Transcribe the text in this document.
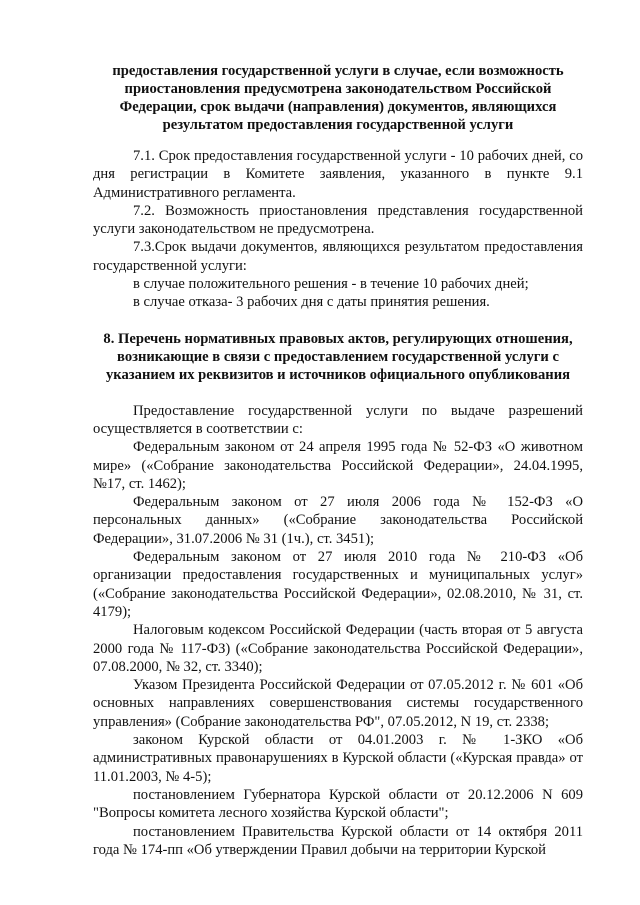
предоставления государственной услуги в случае, если возможность
приостановления предусмотрена законодательством Российской
Федерации, срок выдачи (направления) документов, являющихся
результатом предоставления государственной услуги

7.1. Срок предоставления государственной услуги - 10 рабочих дней, со дня регистрации в Комитете заявления, указанного в пункте 9.1 Административного регламента.

7.2. Возможность приостановления представления государственной услуги законодательством не предусмотрена.

7.3.Срок выдачи документов, являющихся результатом предоставления государственной услуги:

в случае положительного решения - в течение 10 рабочих дней;

в случае отказа- 3 рабочих дня с даты принятия решения.

8. Перечень нормативных правовых актов, регулирующих отношения,
возникающие в связи с предоставлением государственной услуги с
указанием их реквизитов и источников официального опубликования

Предоставление государственной услуги по выдаче разрешений осуществляется в соответствии с:

Федеральным законом от 24 апреля 1995 года № 52-ФЗ «О животном мире» («Собрание законодательства Российской Федерации», 24.04.1995, №17, ст. 1462);

Федеральным законом от 27 июля 2006 года № 152-ФЗ «О персональных данных» («Собрание законодательства Российской Федерации», 31.07.2006 № 31 (1ч.), ст. 3451);

Федеральным законом от 27 июля 2010 года № 210-ФЗ «Об организации предоставления государственных и муниципальных услуг» («Собрание законодательства Российской Федерации», 02.08.2010, № 31, ст. 4179);

Налоговым кодексом Российской Федерации (часть вторая от 5 августа 2000 года № 117-ФЗ) («Собрание законодательства Российской Федерации», 07.08.2000, № 32, ст. 3340);

Указом Президента Российской Федерации от 07.05.2012 г. № 601 «Об основных направлениях совершенствования системы государственного управления» (Собрание законодательства РФ", 07.05.2012, N 19, ст. 2338;

законом Курской области от 04.01.2003 г. № 1-ЗКО «Об административных правонарушениях в Курской области («Курская правда» от 11.01.2003, № 4-5);

постановлением Губернатора Курской области от 20.12.2006 N 609 "Вопросы комитета лесного хозяйства Курской области";

постановлением Правительства Курской области от 14 октября 2011 года № 174-пп «Об утверждении Правил добычи на территории Курской
